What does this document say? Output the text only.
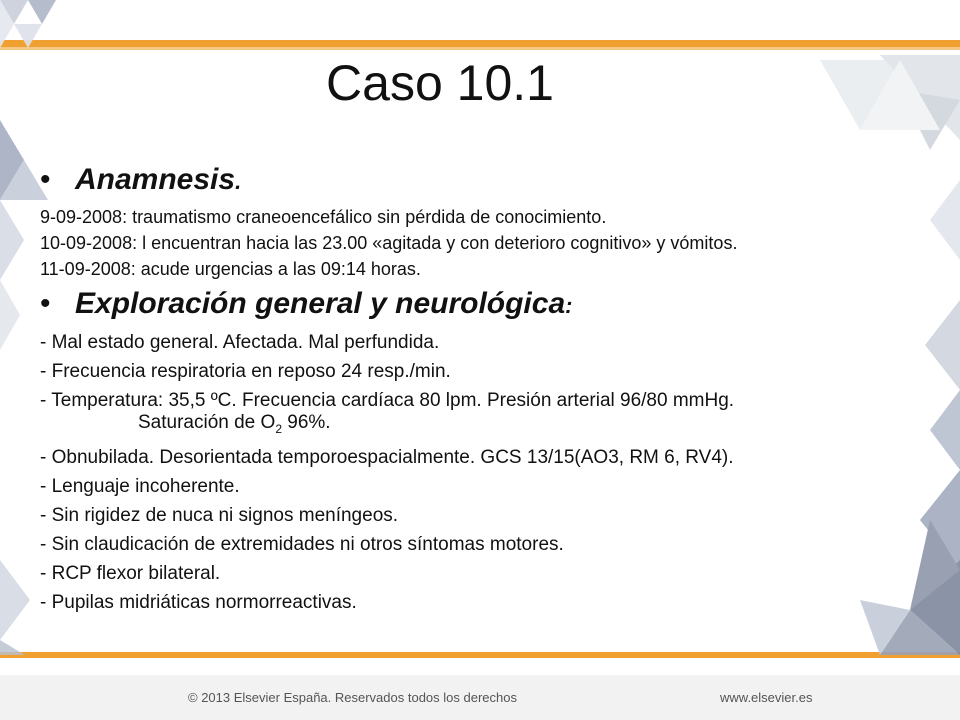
Caso 10.1
• Anamnesis.
9-09-2008: traumatismo craneoencefálico sin pérdida de conocimiento.
10-09-2008: l encuentran hacia las 23.00 «agitada y con deterioro cognitivo» y vómitos.
11-09-2008: acude urgencias a las 09:14 horas.
• Exploración general y neurológica:
- Mal estado general. Afectada. Mal perfundida.
- Frecuencia respiratoria en reposo 24 resp./min.
- Temperatura: 35,5 ºC. Frecuencia cardíaca 80 lpm. Presión arterial 96/80 mmHg.
Saturación de $O_2$ 96%.
- Obnubilada. Desorientada temporoespacialmente. GCS 13/15(AO3, RM 6, RV4).
- Lenguaje incoherente.
- Sin rigidez de nuca ni signos meníngeos.
- Sin claudicación de extremidades ni otros síntomas motores.
- RCP flexor bilateral.
- Pupilas midriáticas normorreactivas.
© 2013 Elsevier España. Reservados todos los derechos	www.elsevier.es
